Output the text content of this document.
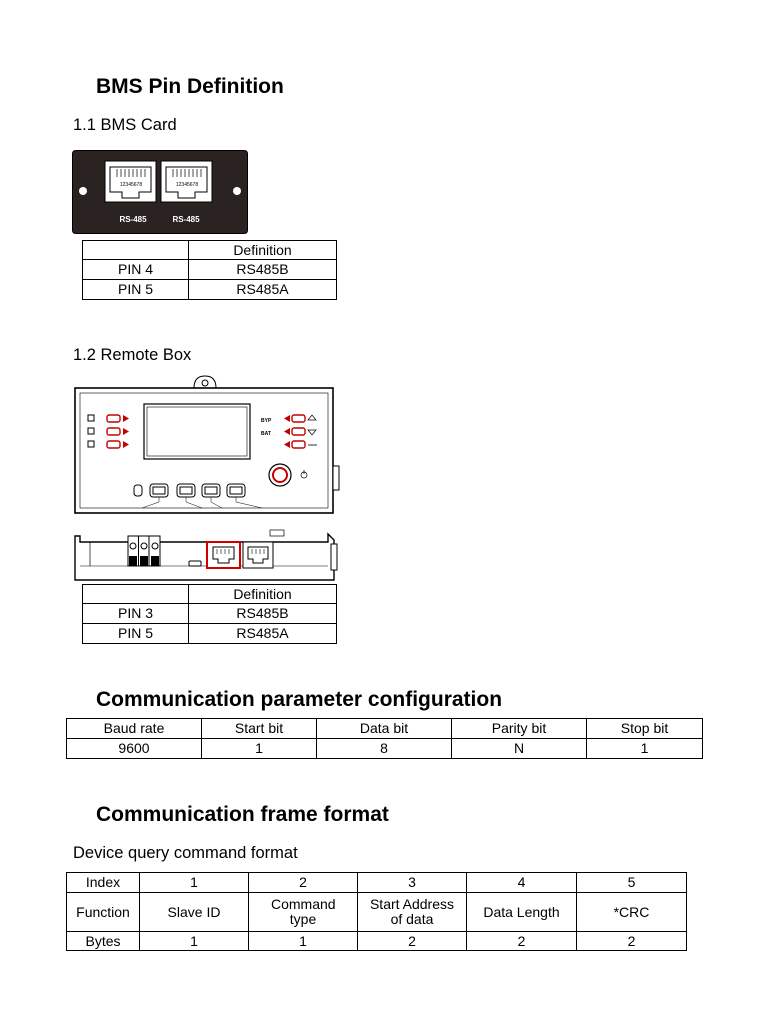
BMS Pin Definition
1.1 BMS Card
12345678	12345678
RS-485	RS-485
	Definition
PIN 4	RS485B
PIN 5	RS485A
1.2 Remote Box
BYP
BAT
	Definition
PIN 3	RS485B
PIN 5	RS485A
Communication parameter configuration
Baud rate	Start bit	Data bit	Parity bit	Stop bit
9600	1	8	N	1
Communication frame format
Device query command format
Index	1	2	3	4	5
Function	Slave ID	Command type	Start Address of data	Data Length	*CRC
Bytes	1	1	2	2	2
